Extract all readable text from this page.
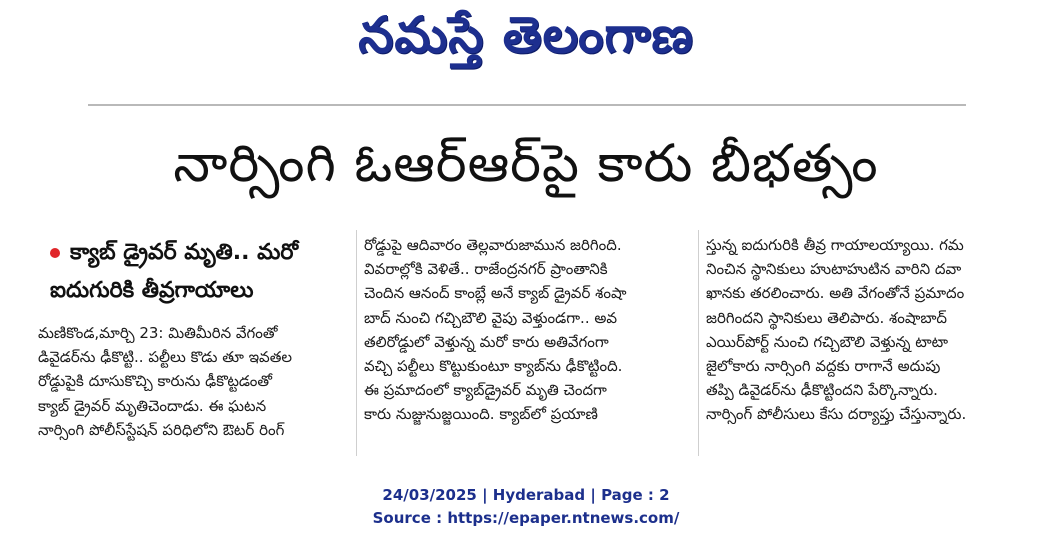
నమస్తే తెలంగాణ
నార్సింగి ఓఆర్‌ఆర్‌పై కారు బీభత్సం
క్యాబ్ డ్రైవర్ మృతి.. మరో
ఐదుగురికి తీవ్రగాయాలు
మణికొండ,మార్చి 23: మితిమీరిన వేగంతో
డివైడర్‌ను ఢీకొట్టి.. పల్టీలు కొడు తూ ఇవతల
రోడ్డుపైకి దూసుకొచ్చి కారును ఢీకొట్టడంతో
క్యాబ్ డ్రైవర్ మృతిచెందాడు. ఈ ఘటన
నార్సింగి పోలీస్‌స్టేషన్ పరిధిలోని ఔటర్ రింగ్
రోడ్డుపై ఆదివారం తెల్లవారుజామున జరిగింది.
వివరాల్లోకి వెళితే.. రాజేంద్రనగర్ ప్రాంతానికి
చెందిన ఆనంద్ కాంబ్లే అనే క్యాబ్ డ్రైవర్ శంషా
బాద్ నుంచి గచ్చిబౌలి వైపు వెళ్తుండగా.. అవ
తలిరోడ్డులో వెళ్తున్న మరో కారు అతివేగంగా
వచ్చి పల్టీలు కొట్టుకుంటూ క్యాబ్‌ను ఢీకొట్టింది.
ఈ ప్రమాదంలో క్యాబ్‌డ్రైవర్ మృతి చెందగా
కారు నుజ్జునుజ్జయింది. క్యాబ్‌లో ప్రయాణి
స్తున్న ఐదుగురికి తీవ్ర గాయాలయ్యాయి. గమ
నించిన స్థానికులు హుటాహుటిన వారిని దవా
ఖానకు తరలించారు. అతి వేగంతోనే ప్రమాదం
జరిగిందని స్థానికులు తెలిపారు. శంషాబాద్
ఎయిర్‌పోర్ట్ నుంచి గచ్చిబౌలి వెళ్తున్న టాటా
జైలోకారు నార్సింగి వద్దకు రాగానే అదుపు
తప్పి డివైడర్‌ను ఢీకొట్టిందని పేర్కొన్నారు.
నార్సింగ్ పోలీసులు కేసు దర్యాప్తు చేస్తున్నారు.
24/03/2025 | Hyderabad | Page : 2
Source : https://epaper.ntnews.com/
